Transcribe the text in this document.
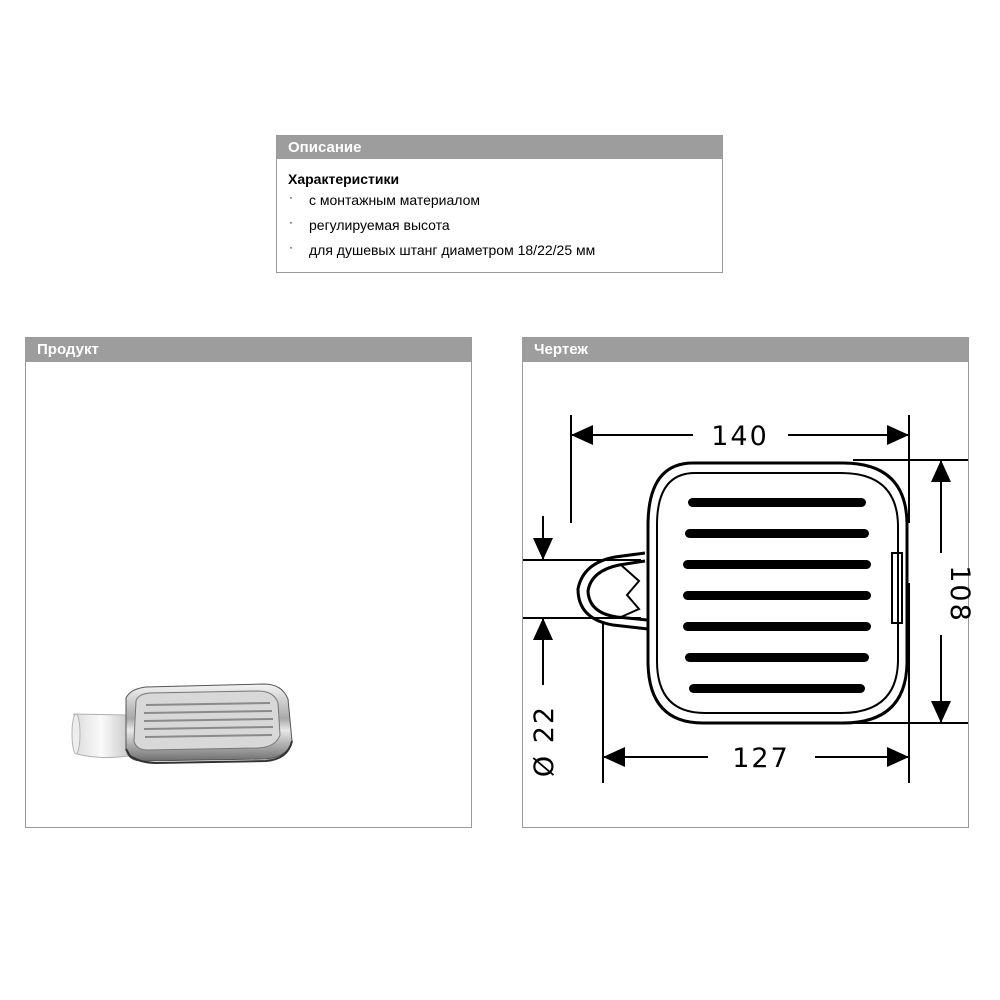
Описание
Характеристики
· с монтажным материалом
· регулируемая высота
· для душевых штанг диаметром 18/22/25 мм
Продукт	Чертеж
140
127
108
Ø 22
